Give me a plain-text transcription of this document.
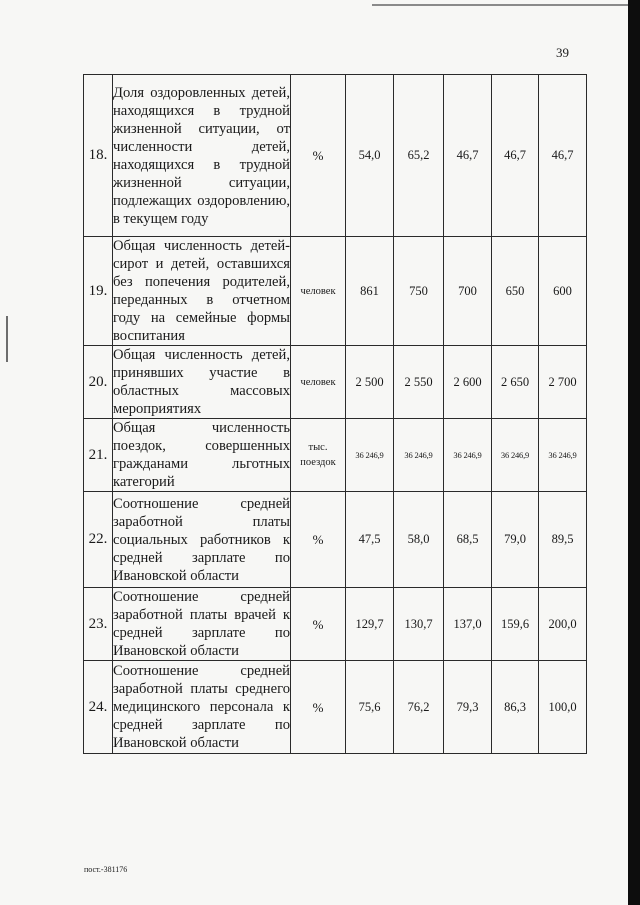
39
18.	Доля оздоровленных детей, находящихся в трудной жизненной ситуации, от численности детей, находящихся в трудной жизненной ситуации, подлежащих оздоровлению, в текущем году	%	54,0	65,2	46,7	46,7	46,7
19.	Общая численность детей-сирот и детей, оставшихся без попечения родителей, переданных в отчетном году на семейные формы воспитания	человек	861	750	700	650	600
20.	Общая численность детей, принявших участие в областных массовых мероприятиях	человек	2 500	2 550	2 600	2 650	2 700
21.	Общая численность поездок, совершенных гражданами льготных категорий	тыс. поездок	36 246,9	36 246,9	36 246,9	36 246,9	36 246,9
22.	Соотношение средней заработной платы социальных работников к средней зарплате по Ивановской области	%	47,5	58,0	68,5	79,0	89,5
23.	Соотношение средней заработной платы врачей к средней зарплате по Ивановской области	%	129,7	130,7	137,0	159,6	200,0
24.	Соотношение средней заработной платы среднего медицинского персонала к средней зарплате по Ивановской области	%	75,6	76,2	79,3	86,3	100,0
пост.-381176
